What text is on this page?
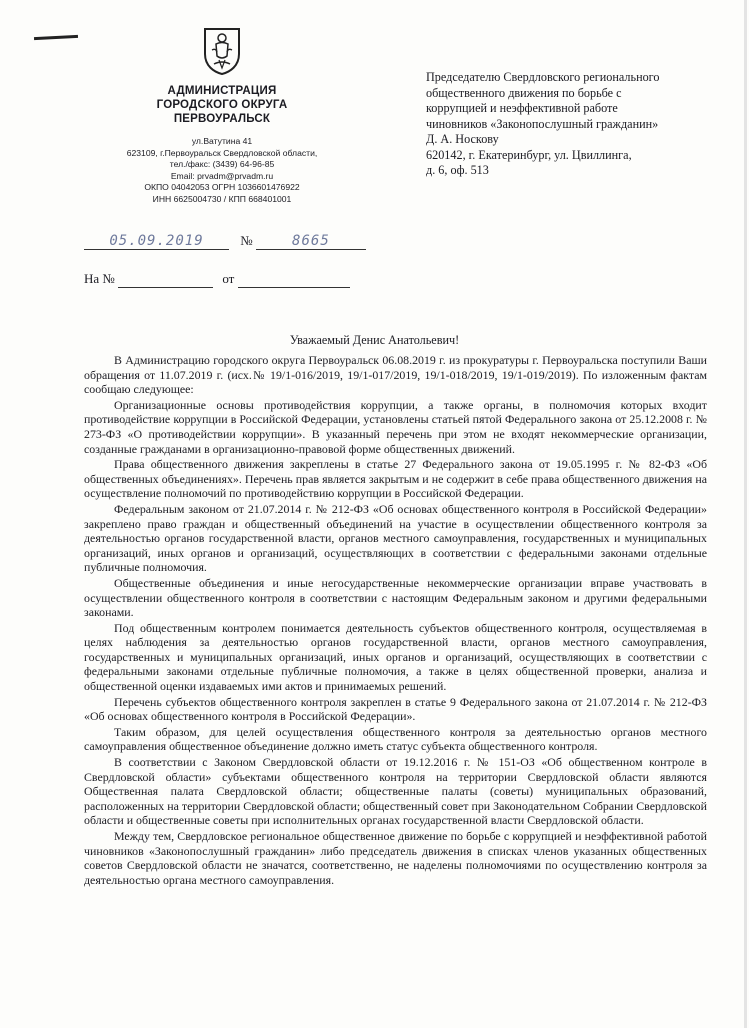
АДМИНИСТРАЦИЯ
ГОРОДСКОГО ОКРУГА
ПЕРВОУРАЛЬСК
ул.Ватутина 41
623109, г.Первоуральск Свердловской области,
тел./факс: (3439) 64-96-85
Email: prvadm@prvadm.ru
ОКПО 04042053 ОГРН 1036601476922
ИНН 6625004730 / КПП 668401001
Председателю Свердловского регионального
общественного движения по борьбе с
коррупцией и неэффективной работе
чиновников «Законопослушный гражданин»
Д. А. Носкову
620142, г. Екатеринбург, ул. Цвиллинга,
д. 6, оф. 513
05.09.2019	№	8665
На №	от
Уважаемый Денис Анатольевич!

В Администрацию городского округа Первоуральск 06.08.2019 г. из прокуратуры г. Первоуральска поступили Ваши обращения от 11.07.2019 г. (исх.№ 19/1-016/2019, 19/1-017/2019, 19/1-018/2019, 19/1-019/2019). По изложенным фактам сообщаю следующее:

Организационные основы противодействия коррупции, а также органы, в полномочия которых входит противодействие коррупции в Российской Федерации, установлены статьей пятой Федерального закона от 25.12.2008 г. № 273-ФЗ «О противодействии коррупции». В указанный перечень при этом не входят некоммерческие организации, созданные гражданами в организационно-правовой форме общественных движений.

Права общественного движения закреплены в статье 27 Федерального закона от 19.05.1995 г. № 82-ФЗ «Об общественных объединениях». Перечень прав является закрытым и не содержит в себе права общественного движения на осуществление полномочий по противодействию коррупции в Российской Федерации.

Федеральным законом от 21.07.2014 г. № 212-ФЗ «Об основах общественного контроля в Российской Федерации» закреплено право граждан и общественный объединений на участие в осуществлении общественного контроля за деятельностью органов государственной власти, органов местного самоуправления, государственных и муниципальных организаций, иных органов и организаций, осуществляющих в соответствии с федеральными законами отдельные публичные полномочия.

Общественные объединения и иные негосударственные некоммерческие организации вправе участвовать в осуществлении общественного контроля в соответствии с настоящим Федеральным законом и другими федеральными законами.

Под общественным контролем понимается деятельность субъектов общественного контроля, осуществляемая в целях наблюдения за деятельностью органов государственной власти, органов местного самоуправления, государственных и муниципальных организаций, иных органов и организаций, осуществляющих в соответствии с федеральными законами отдельные публичные полномочия, а также в целях общественной проверки, анализа и общественной оценки издаваемых ими актов и принимаемых решений.

Перечень субъектов общественного контроля закреплен в статье 9 Федерального закона от 21.07.2014 г. № 212-ФЗ «Об основах общественного контроля в Российской Федерации».

Таким образом, для целей осуществления общественного контроля за деятельностью органов местного самоуправления общественное объединение должно иметь статус субъекта общественного контроля.

В соответствии с Законом Свердловской области от 19.12.2016 г. № 151-ОЗ «Об общественном контроле в Свердловской области» субъектами общественного контроля на территории Свердловской области являются Общественная палата Свердловской области; общественные палаты (советы) муниципальных образований, расположенных на территории Свердловской области; общественный совет при Законодательном Собрании Свердловской области и общественные советы при исполнительных органах государственной власти Свердловской области.

Между тем, Свердловское региональное общественное движение по борьбе с коррупцией и неэффективной работой чиновников «Законопослушный гражданин» либо председатель движения в списках членов указанных общественных советов Свердловской области не значатся, соответственно, не наделены полномочиями по осуществлению контроля за деятельностью органа местного самоуправления.
